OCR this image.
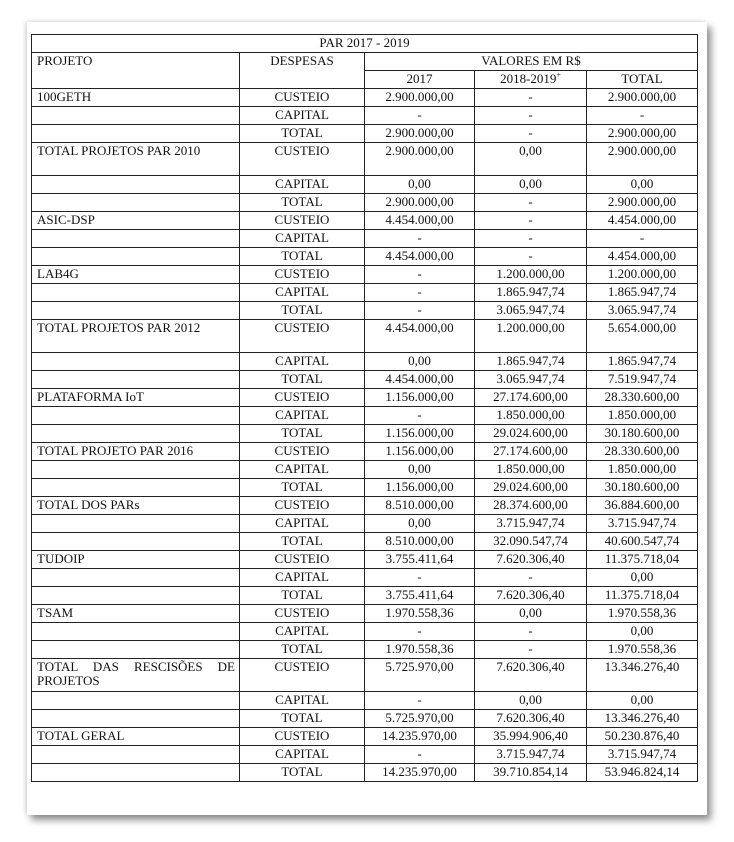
PAR 2017 - 2019				
PROJETO	DESPESAS	VALORES EM R$		
		2017	2018-2019+	TOTAL
100GETH	CUSTEIO	2.900.000,00	-	2.900.000,00
	CAPITAL	-	-	-
	TOTAL	2.900.000,00	-	2.900.000,00
TOTAL PROJETOS PAR 2010	CUSTEIO	2.900.000,00	0,00	2.900.000,00
	CAPITAL	0,00	0,00	0,00
	TOTAL	2.900.000,00	-	2.900.000,00
ASIC-DSP	CUSTEIO	4.454.000,00	-	4.454.000,00
	CAPITAL	-	-	-
	TOTAL	4.454.000,00	-	4.454.000,00
LAB4G	CUSTEIO	-	1.200.000,00	1.200.000,00
	CAPITAL	-	1.865.947,74	1.865.947,74
	TOTAL	-	3.065.947,74	3.065.947,74
TOTAL PROJETOS PAR 2012	CUSTEIO	4.454.000,00	1.200.000,00	5.654.000,00
	CAPITAL	0,00	1.865.947,74	1.865.947,74
	TOTAL	4.454.000,00	3.065.947,74	7.519.947,74
PLATAFORMA IoT	CUSTEIO	1.156.000,00	27.174.600,00	28.330.600,00
	CAPITAL	-	1.850.000,00	1.850.000,00
	TOTAL	1.156.000,00	29.024.600,00	30.180.600,00
TOTAL PROJETO PAR 2016	CUSTEIO	1.156.000,00	27.174.600,00	28.330.600,00
	CAPITAL	0,00	1.850.000,00	1.850.000,00
	TOTAL	1.156.000,00	29.024.600,00	30.180.600,00
TOTAL DOS PARs	CUSTEIO	8.510.000,00	28.374.600,00	36.884.600,00
	CAPITAL	0,00	3.715.947,74	3.715.947,74
	TOTAL	8.510.000,00	32.090.547,74	40.600.547,74
TUDOIP	CUSTEIO	3.755.411,64	7.620.306,40	11.375.718,04
	CAPITAL	-	-	0,00
	TOTAL	3.755.411,64	7.620.306,40	11.375.718,04
TSAM	CUSTEIO	1.970.558,36	0,00	1.970.558,36
	CAPITAL	-	-	0,00
	TOTAL	1.970.558,36	-	1.970.558,36
TOTAL DAS RESCISÕES DE PROJETOS	CUSTEIO	5.725.970,00	7.620.306,40	13.346.276,40
	CAPITAL	-	0,00	0,00
	TOTAL	5.725.970,00	7.620.306,40	13.346.276,40
TOTAL GERAL	CUSTEIO	14.235.970,00	35.994.906,40	50.230.876,40
	CAPITAL	-	3.715.947,74	3.715.947,74
	TOTAL	14.235.970,00	39.710.854,14	53.946.824,14
